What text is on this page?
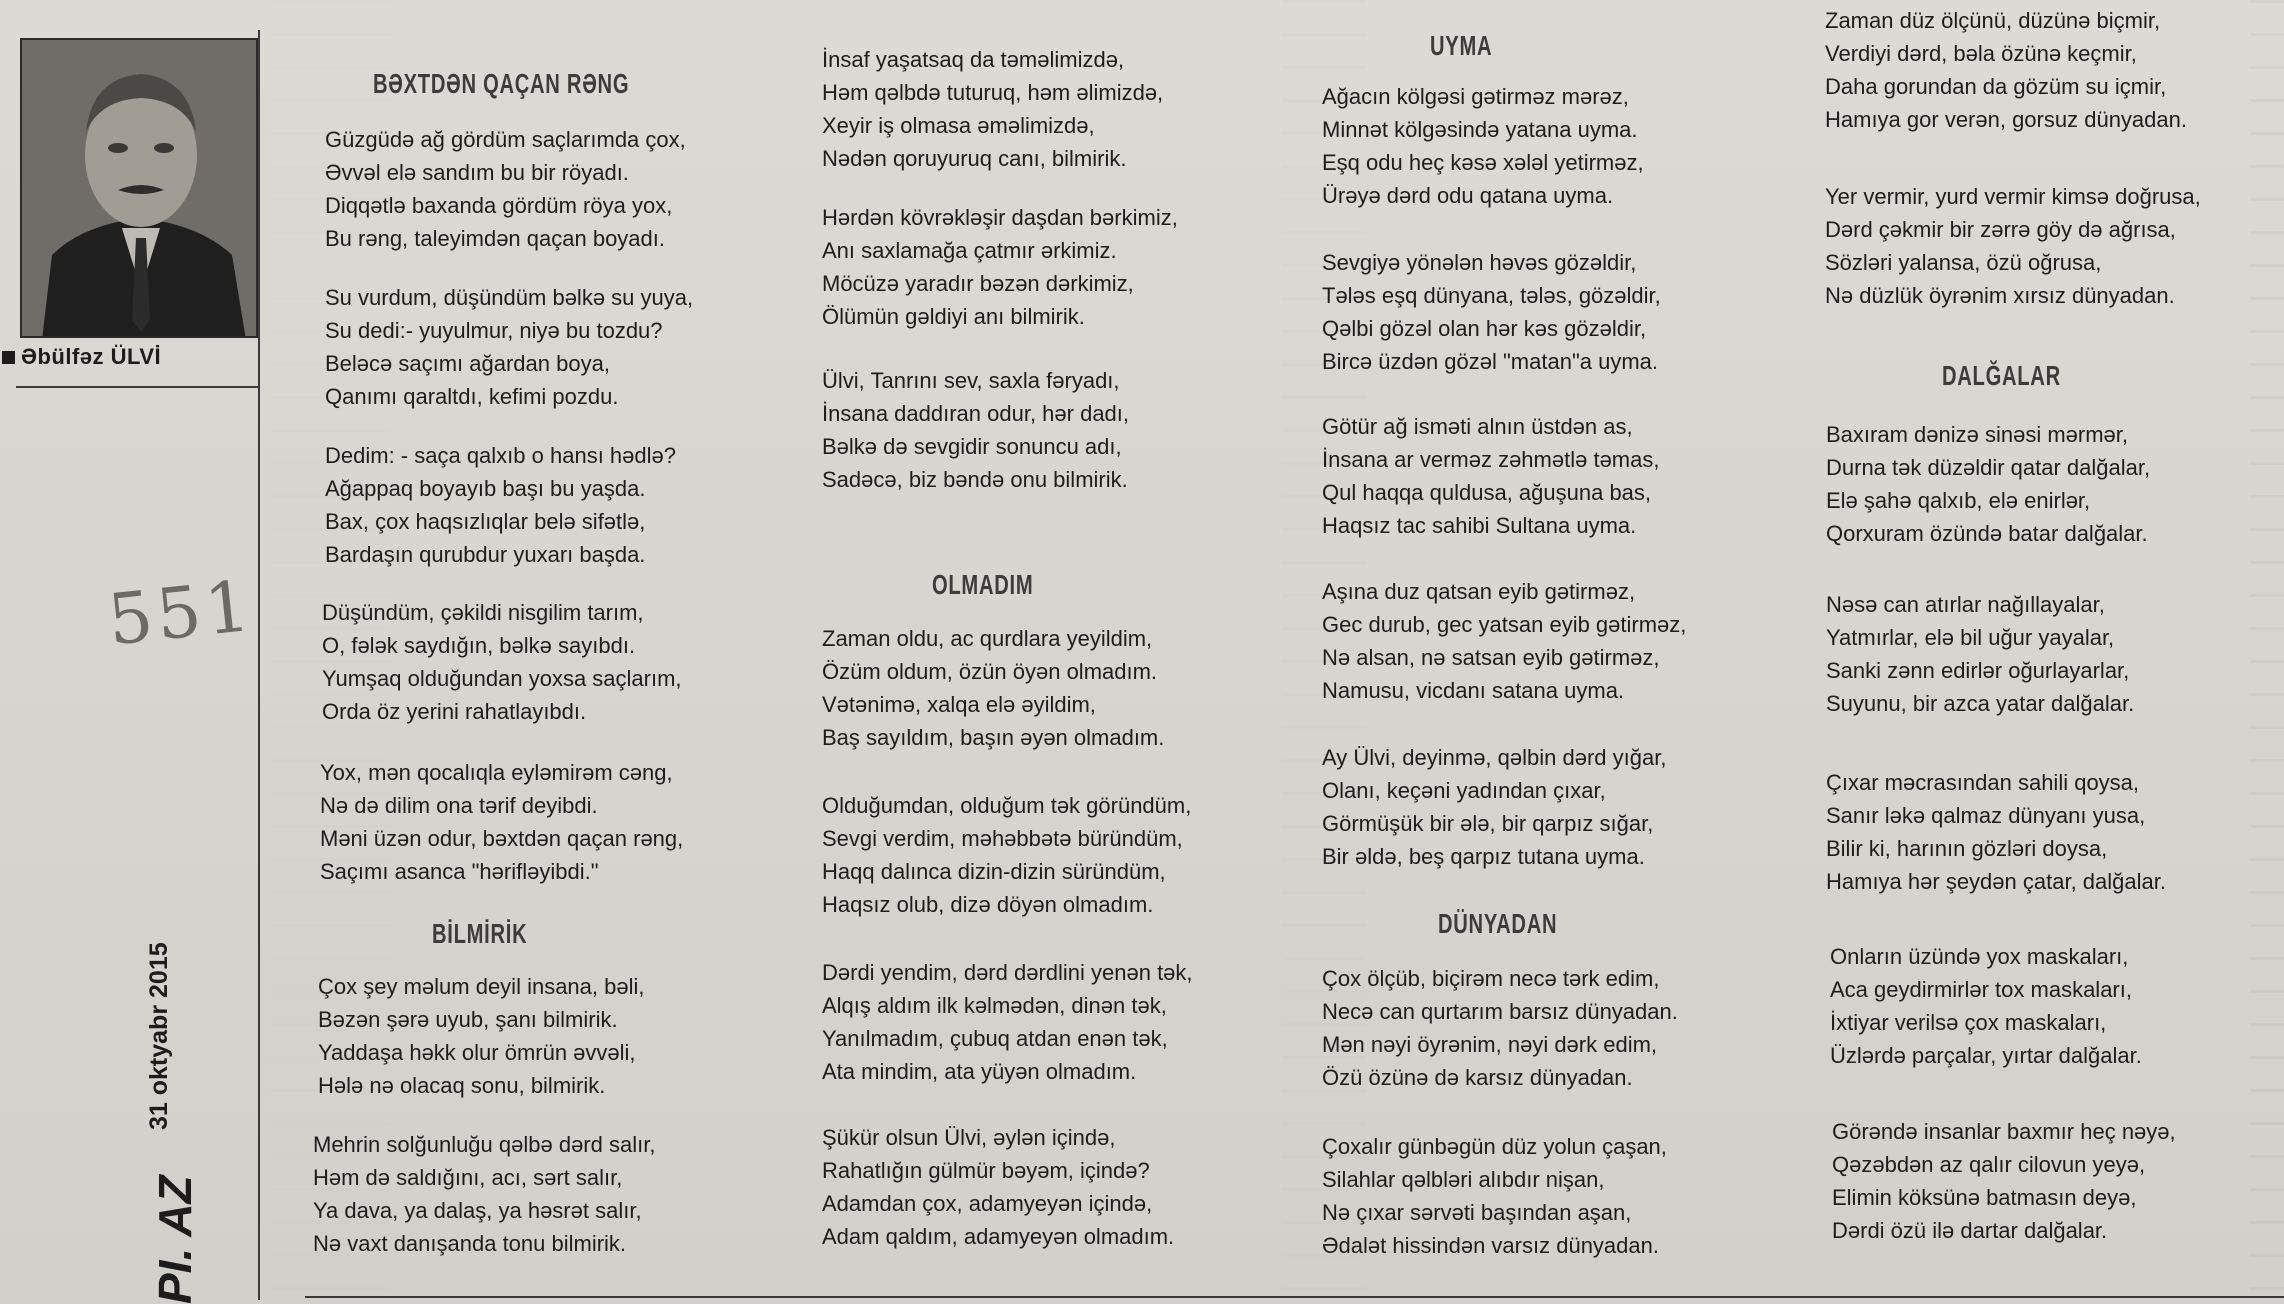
Əbülfəz ÜLVİ
551
31 oktyabr 2015
PI. AZ
BƏXTDƏN QAÇAN RƏNG
Güzgüdə ağ gördüm saçlarımda çox,
Əvvəl elə sandım bu bir röyadı.
Diqqətlə baxanda gördüm röya yox,
Bu rəng, taleyimdən qaçan boyadı.
Su vurdum, düşündüm bəlkə su yuya,
Su dedi:- yuyulmur, niyə bu tozdu?
Beləcə saçımı ağardan boya,
Qanımı qaraltdı, kefimi pozdu.
Dedim: - saça qalxıb o hansı hədlə?
Ağappaq boyayıb başı bu yaşda.
Bax, çox haqsızlıqlar belə sifətlə,
Bardaşın qurubdur yuxarı başda.
Düşündüm, çəkildi nisgilim tarım,
O, fələk saydığın, bəlkə sayıbdı.
Yumşaq olduğundan yoxsa saçlarım,
Orda öz yerini rahatlayıbdı.
Yox, mən qocalıqla eyləmirəm cəng,
Nə də dilim ona tərif deyibdi.
Məni üzən odur, bəxtdən qaçan rəng,
Saçımı asanca "hərifləyibdi."
BİLMİRİK
Çox şey məlum deyil insana, bəli,
Bəzən şərə uyub, şanı bilmirik.
Yaddaşa həkk olur ömrün əvvəli,
Hələ nə olacaq sonu, bilmirik.
Mehrin solğunluğu qəlbə dərd salır,
Həm də saldığını, acı, sərt salır,
Ya dava, ya dalaş, ya həsrət salır,
Nə vaxt danışanda tonu bilmirik.
İnsaf yaşatsaq da təməlimizdə,
Həm qəlbdə tuturuq, həm əlimizdə,
Xeyir iş olmasa əməlimizdə,
Nədən qoruyuruq canı, bilmirik.
Hərdən kövrəkləşir daşdan bərkimiz,
Anı saxlamağa çatmır ərkimiz.
Möcüzə yaradır bəzən dərkimiz,
Ölümün gəldiyi anı bilmirik.
Ülvi, Tanrını sev, saxla fəryadı,
İnsana daddıran odur, hər dadı,
Bəlkə də sevgidir sonuncu adı,
Sadəcə, biz bəndə onu bilmirik.
OLMADIM
Zaman oldu, ac qurdlara yeyildim,
Özüm oldum, özün öyən olmadım.
Vətənimə, xalqa elə əyildim,
Baş sayıldım, başın əyən olmadım.
Olduğumdan, olduğum tək göründüm,
Sevgi verdim, məhəbbətə büründüm,
Haqq dalınca dizin-dizin süründüm,
Haqsız olub, dizə döyən olmadım.
Dərdi yendim, dərd dərdlini yenən tək,
Alqış aldım ilk kəlmədən, dinən tək,
Yanılmadım, çubuq atdan enən tək,
Ata mindim, ata yüyən olmadım.
Şükür olsun Ülvi, əylən içində,
Rahatlığın gülmür bəyəm, içində?
Adamdan çox, adamyeyən içində,
Adam qaldım, adamyeyən olmadım.
UYMA
Ağacın kölgəsi gətirməz mərəz,
Minnət kölgəsində yatana uyma.
Eşq odu heç kəsə xələl yetirməz,
Ürəyə dərd odu qatana uyma.
Sevgiyə yönələn həvəs gözəldir,
Tələs eşq dünyana, tələs, gözəldir,
Qəlbi gözəl olan hər kəs gözəldir,
Bircə üzdən gözəl "matan"a uyma.
Götür ağ isməti alnın üstdən as,
İnsana ar verməz zəhmətlə təmas,
Qul haqqa quldusa, ağuşuna bas,
Haqsız tac sahibi Sultana uyma.
Aşına duz qatsan eyib gətirməz,
Gec durub, gec yatsan eyib gətirməz,
Nə alsan, nə satsan eyib gətirməz,
Namusu, vicdanı satana uyma.
Ay Ülvi, deyinmə, qəlbin dərd yığar,
Olanı, keçəni yadından çıxar,
Görmüşük bir ələ, bir qarpız sığar,
Bir əldə, beş qarpız tutana uyma.
DÜNYADAN
Çox ölçüb, biçirəm necə tərk edim,
Necə can qurtarım barsız dünyadan.
Mən nəyi öyrənim, nəyi dərk edim,
Özü özünə də karsız dünyadan.
Çoxalır günbəgün düz yolun çaşan,
Silahlar qəlbləri alıbdır nişan,
Nə çıxar sərvəti başından aşan,
Ədalət hissindən varsız dünyadan.
Zaman düz ölçünü, düzünə biçmir,
Verdiyi dərd, bəla özünə keçmir,
Daha gorundan da gözüm su içmir,
Hamıya gor verən, gorsuz dünyadan.
Yer vermir, yurd vermir kimsə doğrusa,
Dərd çəkmir bir zərrə göy də ağrısa,
Sözləri yalansa, özü oğrusa,
Nə düzlük öyrənim xırsız dünyadan.
DALĞALAR
Baxıram dənizə sinəsi mərmər,
Durna tək düzəldir qatar dalğalar,
Elə şahə qalxıb, elə enirlər,
Qorxuram özündə batar dalğalar.
Nəsə can atırlar nağıllayalar,
Yatmırlar, elə bil uğur yayalar,
Sanki zənn edirlər oğurlayarlar,
Suyunu, bir azca yatar dalğalar.
Çıxar məcrasından sahili qoysa,
Sanır ləkə qalmaz dünyanı yusa,
Bilir ki, harının gözləri doysa,
Hamıya hər şeydən çatar, dalğalar.
Onların üzündə yox maskaları,
Aca geydirmirlər tox maskaları,
İxtiyar verilsə çox maskaları,
Üzlərdə parçalar, yırtar dalğalar.
Görəndə insanlar baxmır heç nəyə,
Qəzəbdən az qalır cilovun yeyə,
Elimin köksünə batmasın deyə,
Dərdi özü ilə dartar dalğalar.
